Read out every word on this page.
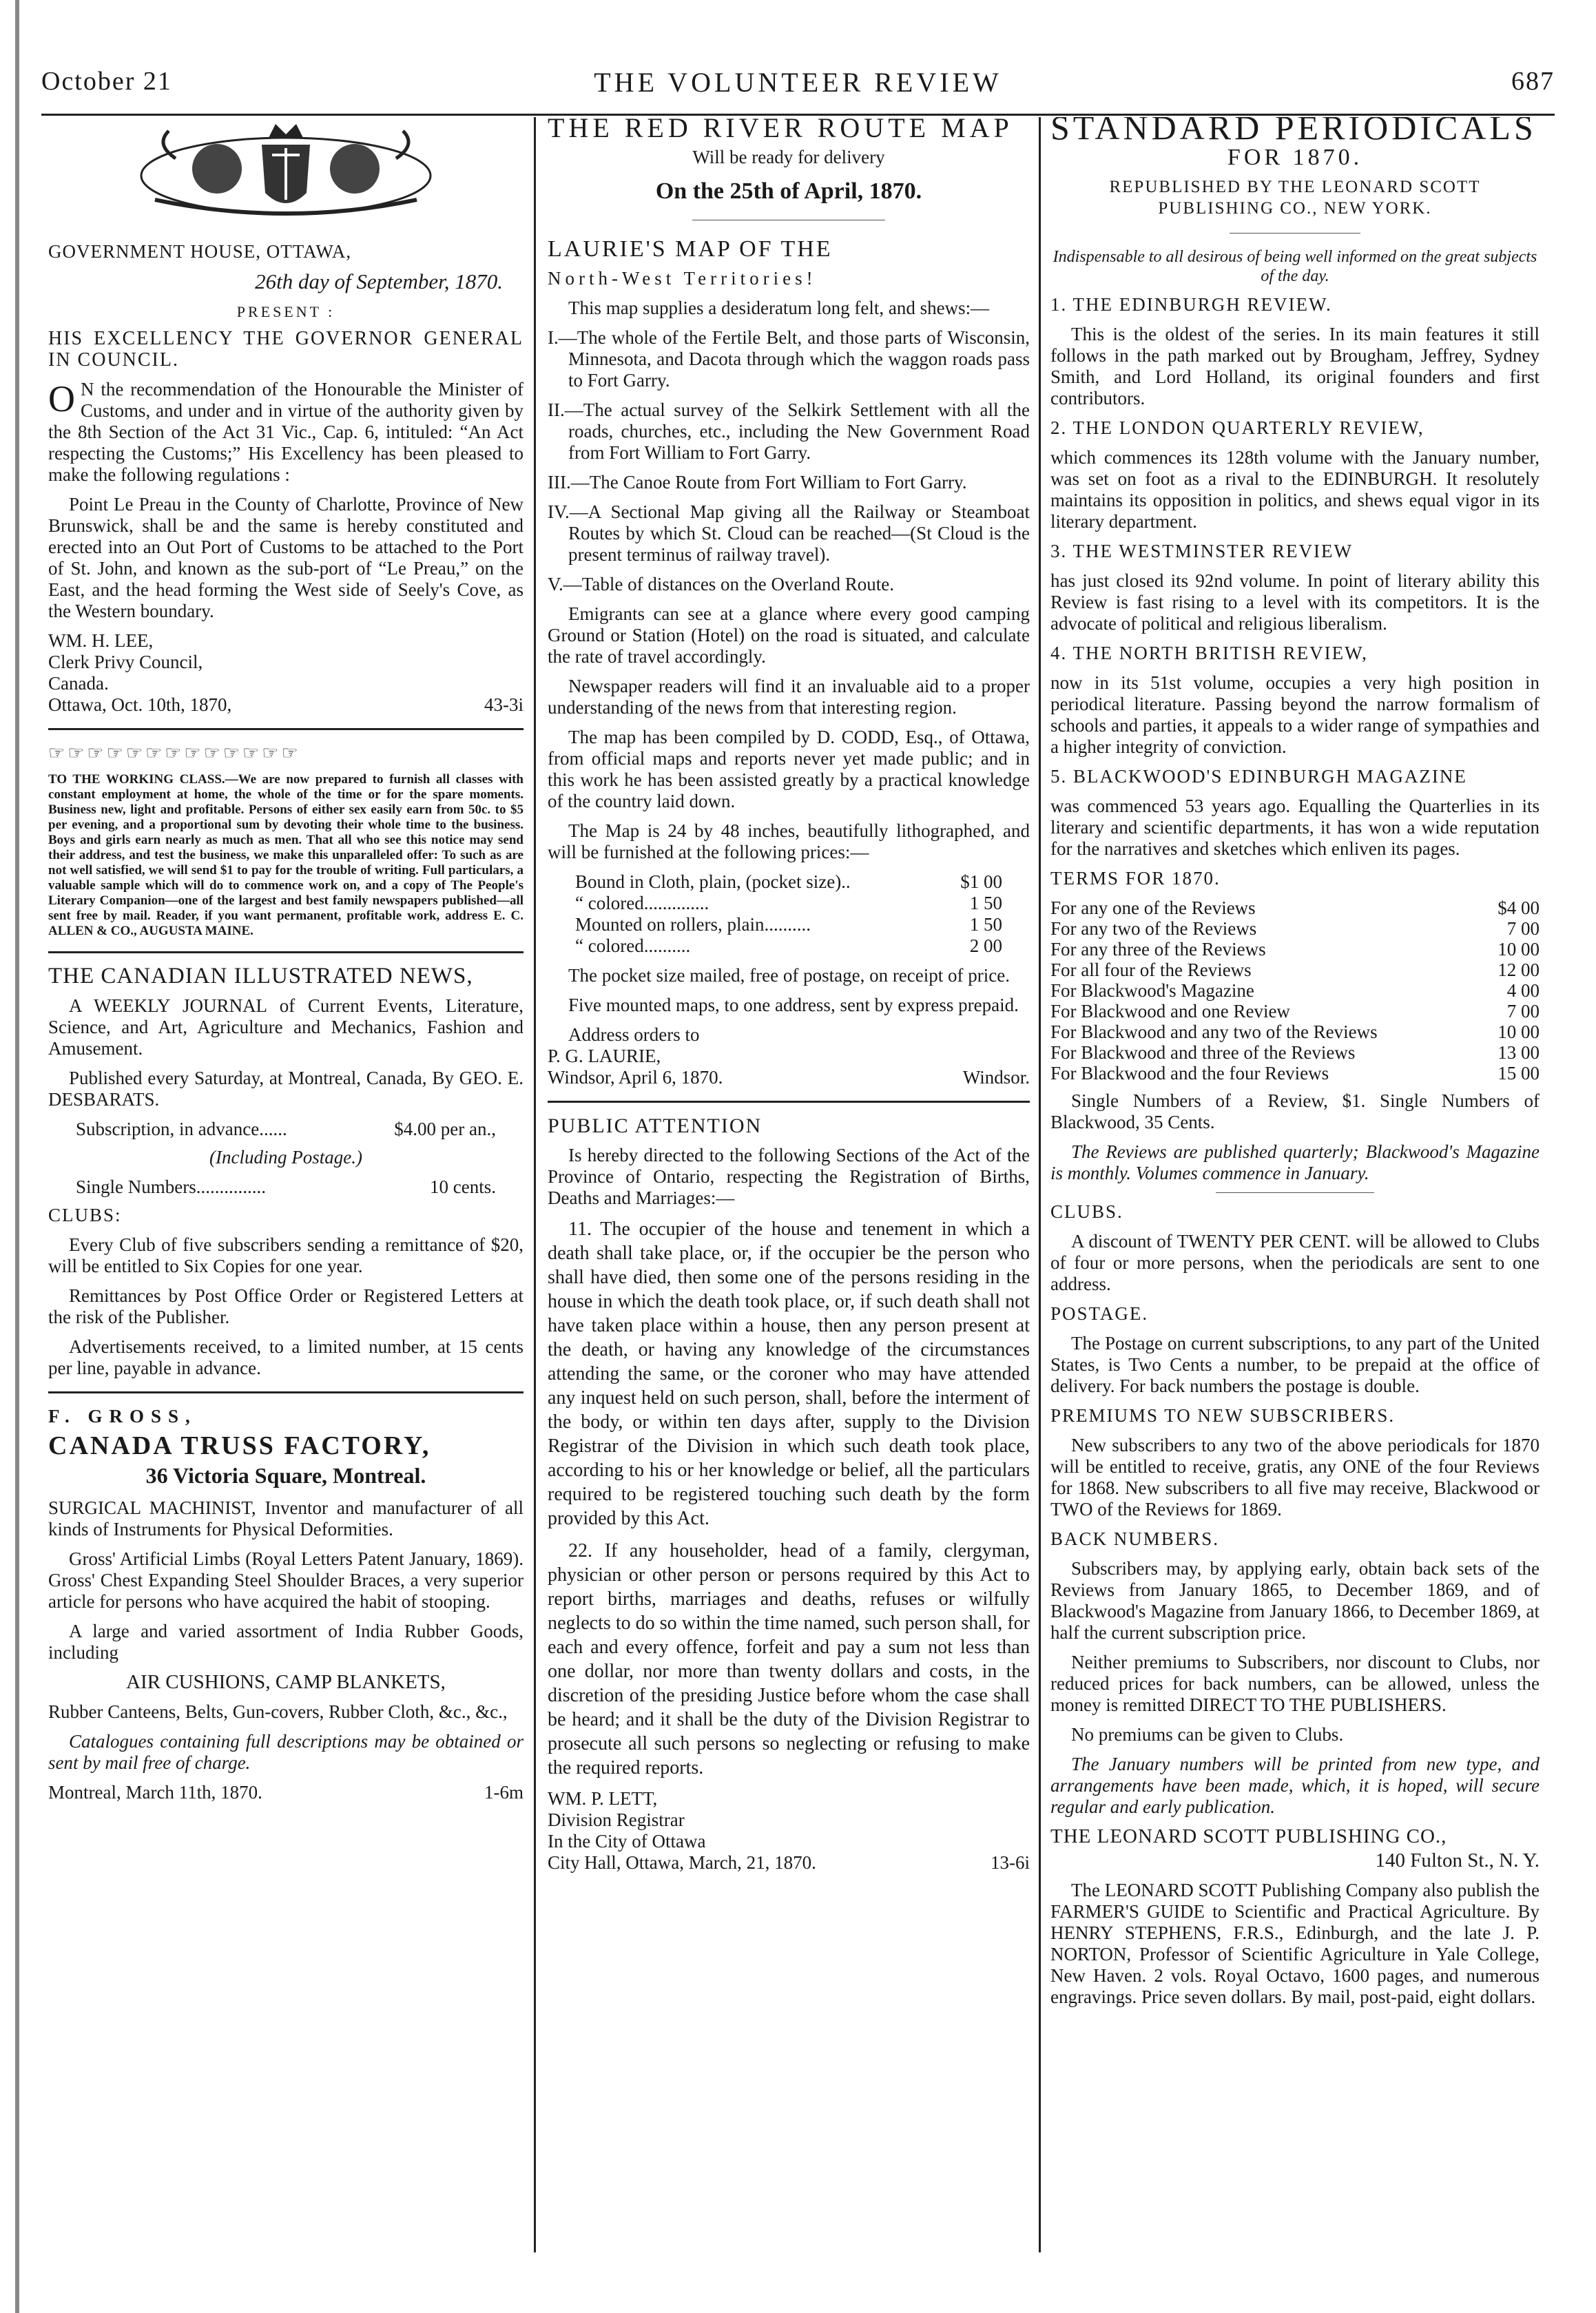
October 21	THE VOLUNTEER REVIEW	687

GOVERNMENT HOUSE, OTTAWA,

26th day of September, 1870.

PRESENT :

HIS EXCELLENCY THE GOVERNOR GENERAL IN COUNCIL.

O N the recommendation of the Honourable the Minister of Customs, and under and in virtue of the authority given by the 8th Section of the Act 31 Vic., Cap. 6, intituled: “An Act respecting the Customs;” His Excellency has been pleased to make the following regulations :

Point Le Preau in the County of Charlotte, Province of New Brunswick, shall be and the same is hereby constituted and erected into an Out Port of Customs to be attached to the Port of St. John, and known as the sub-port of “Le Preau,” on the East, and the head forming the West side of Seely's Cove, as the Western boundary.

WM. H. LEE,

Clerk Privy Council,

Canada.

Ottawa, Oct. 10th, 1870,	43-3i

☞☞☞☞☞☞☞☞☞☞☞☞☞

TO THE WORKING CLASS.—We are now prepared to furnish all classes with constant employment at home, the whole of the time or for the spare moments. Business new, light and profitable. Persons of either sex easily earn from 50c. to $5 per evening, and a proportional sum by devoting their whole time to the business. Boys and girls earn nearly as much as men. That all who see this notice may send their address, and test the business, we make this unparalleled offer: To such as are not well satisfied, we will send $1 to pay for the trouble of writing. Full particulars, a valuable sample which will do to commence work on, and a copy of The People's Literary Companion—one of the largest and best family newspapers published—all sent free by mail. Reader, if you want permanent, profitable work, address E. C. ALLEN & CO., AUGUSTA MAINE.

THE CANADIAN ILLUSTRATED NEWS,

A WEEKLY JOURNAL of Current Events, Literature, Science, and Art, Agriculture and Mechanics, Fashion and Amusement.

Published every Saturday, at Montreal, Canada, By GEO. E. DESBARATS.

Subscription, in advance......	$4.00 per an.,

(Including Postage.)

Single Numbers...............	10 cents.

CLUBS:

Every Club of five subscribers sending a remittance of $20, will be entitled to Six Copies for one year.

Remittances by Post Office Order or Registered Letters at the risk of the Publisher.

Advertisements received, to a limited number, at 15 cents per line, payable in advance.

F. GROSS,

CANADA TRUSS FACTORY,

36 Victoria Square, Montreal.

SURGICAL MACHINIST, Inventor and manufacturer of all kinds of Instruments for Physical Deformities.

Gross' Artificial Limbs (Royal Letters Patent January, 1869). Gross' Chest Expanding Steel Shoulder Braces, a very superior article for persons who have acquired the habit of stooping.

A large and varied assortment of India Rubber Goods, including

AIR CUSHIONS, CAMP BLANKETS,

Rubber Canteens, Belts, Gun-covers, Rubber Cloth, &c., &c.,

Catalogues containing full descriptions may be obtained or sent by mail free of charge.

Montreal, March 11th, 1870.	1-6m

THE RED RIVER ROUTE MAP

Will be ready for delivery

On the 25th of April, 1870.

LAURIE'S MAP OF THE

North-West Territories!

This map supplies a desideratum long felt, and shews:—

I.—The whole of the Fertile Belt, and those parts of Wisconsin, Minnesota, and Dacota through which the waggon roads pass to Fort Garry.

II.—The actual survey of the Selkirk Settlement with all the roads, churches, etc., including the New Government Road from Fort William to Fort Garry.

III.—The Canoe Route from Fort William to Fort Garry.

IV.—A Sectional Map giving all the Railway or Steamboat Routes by which St. Cloud can be reached—(St Cloud is the present terminus of railway travel).

V.—Table of distances on the Overland Route.

Emigrants can see at a glance where every good camping Ground or Station (Hotel) on the road is situated, and calculate the rate of travel accordingly.

Newspaper readers will find it an invaluable aid to a proper understanding of the news from that interesting region.

The map has been compiled by D. CODD, Esq., of Ottawa, from official maps and reports never yet made public; and in this work he has been assisted greatly by a practical knowledge of the country laid down.

The Map is 24 by 48 inches, beautifully lithographed, and will be furnished at the following prices:—

Bound in Cloth, plain, (pocket size)..	$1 00
“ colored..............	1 50
Mounted on rollers, plain..........	1 50
“ colored..........	2 00

The pocket size mailed, free of postage, on receipt of price.

Five mounted maps, to one address, sent by express prepaid.

Address orders to

P. G. LAURIE,

Windsor, April 6, 1870.	Windsor.

PUBLIC ATTENTION

Is hereby directed to the following Sections of the Act of the Province of Ontario, respecting the Registration of Births, Deaths and Marriages:—

11. The occupier of the house and tenement in which a death shall take place, or, if the occupier be the person who shall have died, then some one of the persons residing in the house in which the death took place, or, if such death shall not have taken place within a house, then any person present at the death, or having any knowledge of the circumstances attending the same, or the coroner who may have attended any inquest held on such person, shall, before the interment of the body, or within ten days after, supply to the Division Registrar of the Division in which such death took place, according to his or her knowledge or belief, all the particulars required to be registered touching such death by the form provided by this Act.

22. If any householder, head of a family, clergyman, physician or other person or persons required by this Act to report births, marriages and deaths, refuses or wilfully neglects to do so within the time named, such person shall, for each and every offence, forfeit and pay a sum not less than one dollar, nor more than twenty dollars and costs, in the discretion of the presiding Justice before whom the case shall be heard; and it shall be the duty of the Division Registrar to prosecute all such persons so neglecting or refusing to make the required reports.

WM. P. LETT,

Division Registrar

In the City of Ottawa

City Hall, Ottawa, March, 21, 1870.	13-6i

STANDARD PERIODICALS

FOR 1870.

REPUBLISHED BY THE LEONARD SCOTT PUBLISHING CO., NEW YORK.

Indispensable to all desirous of being well informed on the great subjects of the day.

1. THE EDINBURGH REVIEW.

This is the oldest of the series. In its main features it still follows in the path marked out by Brougham, Jeffrey, Sydney Smith, and Lord Holland, its original founders and first contributors.

2. THE LONDON QUARTERLY REVIEW,

which commences its 128th volume with the January number, was set on foot as a rival to the EDINBURGH. It resolutely maintains its opposition in politics, and shews equal vigor in its literary department.

3. THE WESTMINSTER REVIEW

has just closed its 92nd volume. In point of literary ability this Review is fast rising to a level with its competitors. It is the advocate of political and religious liberalism.

4. THE NORTH BRITISH REVIEW,

now in its 51st volume, occupies a very high position in periodical literature. Passing beyond the narrow formalism of schools and parties, it appeals to a wider range of sympathies and a higher integrity of conviction.

5. BLACKWOOD'S EDINBURGH MAGAZINE

was commenced 53 years ago. Equalling the Quarterlies in its literary and scientific departments, it has won a wide reputation for the narratives and sketches which enliven its pages.

TERMS FOR 1870.

For any one of the Reviews	$4 00
For any two of the Reviews	7 00
For any three of the Reviews	10 00
For all four of the Reviews	12 00
For Blackwood's Magazine	4 00
For Blackwood and one Review	7 00
For Blackwood and any two of the Reviews	10 00
For Blackwood and three of the Reviews	13 00
For Blackwood and the four Reviews	15 00

Single Numbers of a Review, $1. Single Numbers of Blackwood, 35 Cents.

The Reviews are published quarterly; Blackwood's Magazine is monthly. Volumes commence in January.

CLUBS.

A discount of TWENTY PER CENT. will be allowed to Clubs of four or more persons, when the periodicals are sent to one address.

POSTAGE.

The Postage on current subscriptions, to any part of the United States, is Two Cents a number, to be prepaid at the office of delivery. For back numbers the postage is double.

PREMIUMS TO NEW SUBSCRIBERS.

New subscribers to any two of the above periodicals for 1870 will be entitled to receive, gratis, any ONE of the four Reviews for 1868. New subscribers to all five may receive, Blackwood or TWO of the Reviews for 1869.

BACK NUMBERS.

Subscribers may, by applying early, obtain back sets of the Reviews from January 1865, to December 1869, and of Blackwood's Magazine from January 1866, to December 1869, at half the current subscription price.

Neither premiums to Subscribers, nor discount to Clubs, nor reduced prices for back numbers, can be allowed, unless the money is remitted DIRECT TO THE PUBLISHERS.

No premiums can be given to Clubs.

The January numbers will be printed from new type, and arrangements have been made, which, it is hoped, will secure regular and early publication.

THE LEONARD SCOTT PUBLISHING CO.,

140 Fulton St., N. Y.

The LEONARD SCOTT Publishing Company also publish the FARMER'S GUIDE to Scientific and Practical Agriculture. By HENRY STEPHENS, F.R.S., Edinburgh, and the late J. P. NORTON, Professor of Scientific Agriculture in Yale College, New Haven. 2 vols. Royal Octavo, 1600 pages, and numerous engravings. Price seven dollars. By mail, post-paid, eight dollars.
